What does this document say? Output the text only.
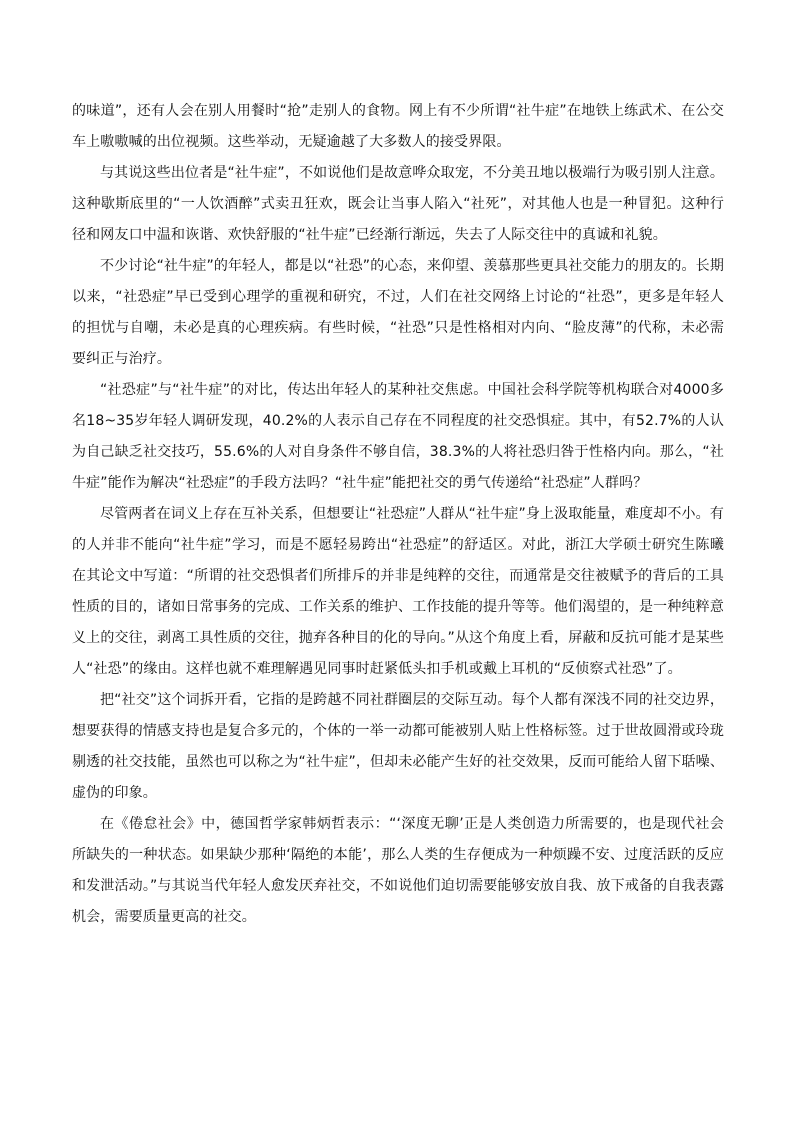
的味道”，还有人会在别人用餐时“抢”走别人的食物。网上有不少所谓“社牛症”在地铁上练武术、在公交车上嗷嗷喊的出位视频。这些举动，无疑逾越了大多数人的接受界限。

与其说这些出位者是“社牛症”，不如说他们是故意哗众取宠，不分美丑地以极端行为吸引别人注意。这种歇斯底里的“一人饮酒醉”式卖丑狂欢，既会让当事人陷入“社死”，对其他人也是一种冒犯。这种行径和网友口中温和诙谐、欢快舒服的“社牛症”已经渐行渐远，失去了人际交往中的真诚和礼貌。

不少讨论“社牛症”的年轻人，都是以“社恐”的心态，来仰望、羡慕那些更具社交能力的朋友的。长期以来，“社恐症”早已受到心理学的重视和研究，不过，人们在社交网络上讨论的“社恐”，更多是年轻人的担忧与自嘲，未必是真的心理疾病。有些时候，“社恐”只是性格相对内向、“脸皮薄”的代称，未必需要纠正与治疗。

“社恐症”与“社牛症”的对比，传达出年轻人的某种社交焦虑。中国社会科学院等机构联合对4000多名18~35岁年轻人调研发现，40.2%的人表示自己存在不同程度的社交恐惧症。其中，有52.7%的人认为自己缺乏社交技巧，55.6%的人对自身条件不够自信，38.3%的人将社恐归咎于性格内向。那么，“社牛症”能作为解决“社恐症”的手段方法吗？“社牛症”能把社交的勇气传递给“社恐症”人群吗？

尽管两者在词义上存在互补关系，但想要让“社恐症”人群从“社牛症”身上汲取能量，难度却不小。有的人并非不能向“社牛症”学习，而是不愿轻易跨出“社恐症”的舒适区。对此，浙江大学硕士研究生陈曦在其论文中写道：“所谓的社交恐惧者们所排斥的并非是纯粹的交往，而通常是交往被赋予的背后的工具性质的目的，诸如日常事务的完成、工作关系的维护、工作技能的提升等等。他们渴望的，是一种纯粹意义上的交往，剥离工具性质的交往，抛弃各种目的化的导向。”从这个角度上看，屏蔽和反抗可能才是某些人“社恐”的缘由。这样也就不难理解遇见同事时赶紧低头扣手机或戴上耳机的“反侦察式社恐”了。

把“社交”这个词拆开看，它指的是跨越不同社群圈层的交际互动。每个人都有深浅不同的社交边界，想要获得的情感支持也是复合多元的，个体的一举一动都可能被别人贴上性格标签。过于世故圆滑或玲珑剔透的社交技能，虽然也可以称之为“社牛症”，但却未必能产生好的社交效果，反而可能给人留下聒噪、虚伪的印象。

在《倦怠社会》中，德国哲学家韩炳哲表示：“‘深度无聊’正是人类创造力所需要的，也是现代社会所缺失的一种状态。如果缺少那种‘隔绝的本能’，那么人类的生存便成为一种烦躁不安、过度活跃的反应和发泄活动。”与其说当代年轻人愈发厌弃社交，不如说他们迫切需要能够安放自我、放下戒备的自我表露机会，需要质量更高的社交。
